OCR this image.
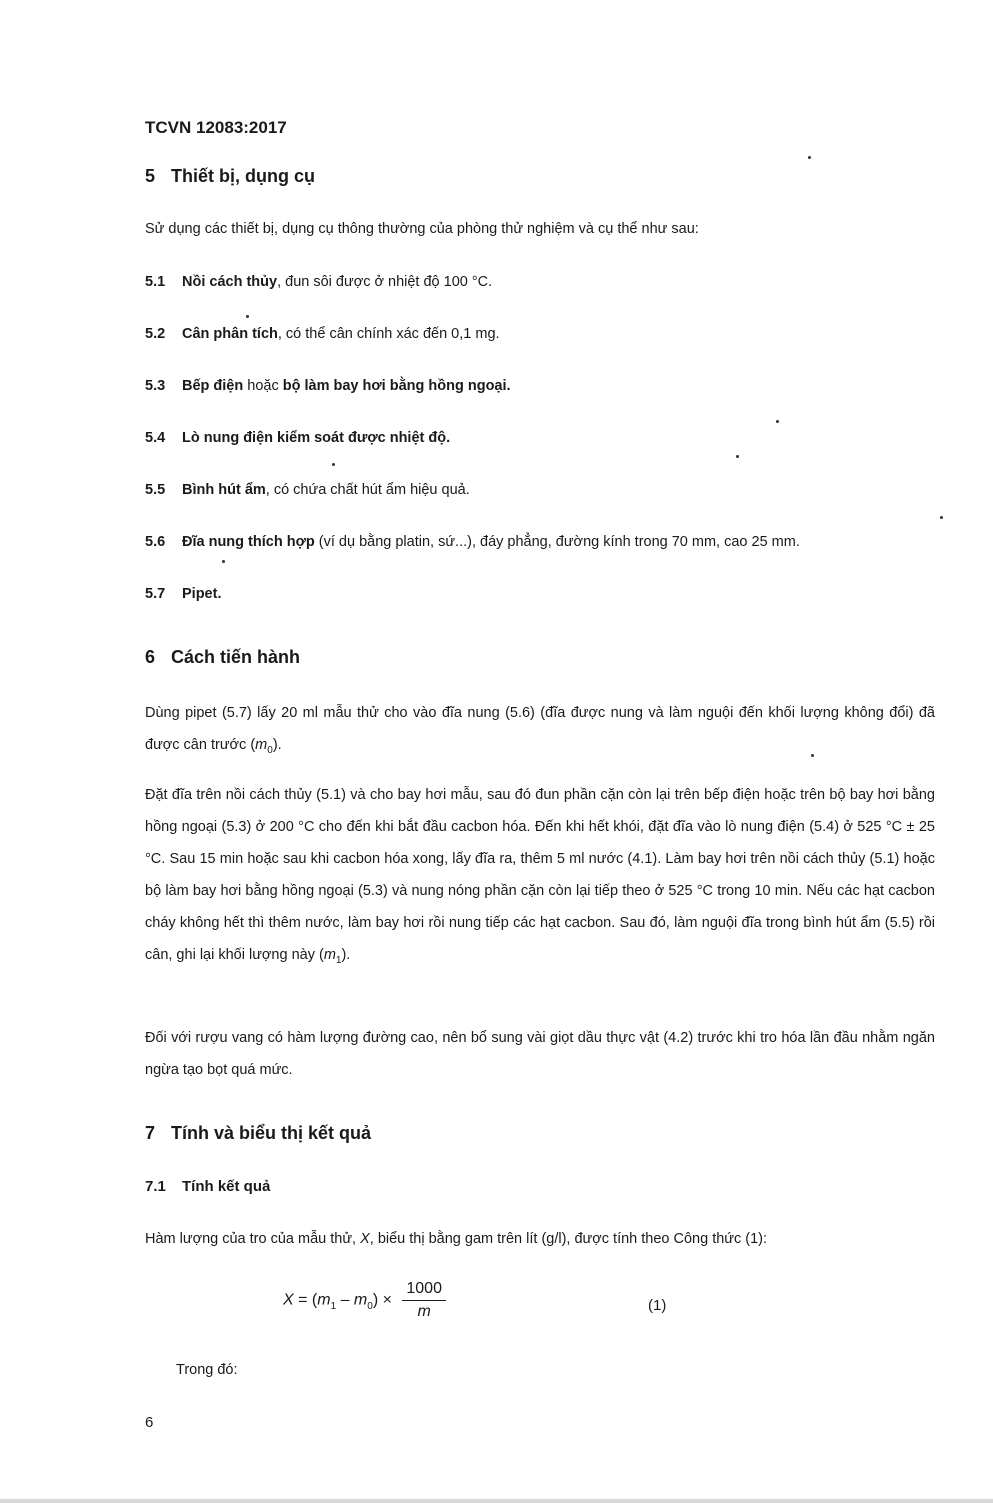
TCVN 12083:2017
5 Thiết bị, dụng cụ
Sử dụng các thiết bị, dụng cụ thông thường của phòng thử nghiệm và cụ thể như sau:
5.1 Nồi cách thủy, đun sôi được ở nhiệt độ 100 °C.
5.2 Cân phân tích, có thể cân chính xác đến 0,1 mg.
5.3 Bếp điện hoặc bộ làm bay hơi bằng hồng ngoại.
5.4 Lò nung điện kiểm soát được nhiệt độ.
5.5 Bình hút ẩm, có chứa chất hút ẩm hiệu quả.
5.6 Đĩa nung thích hợp (ví dụ bằng platin, sứ...), đáy phẳng, đường kính trong 70 mm, cao 25 mm.
5.7 Pipet.
6 Cách tiến hành
Dùng pipet (5.7) lấy 20 ml mẫu thử cho vào đĩa nung (5.6) (đĩa được nung và làm nguội đến khối lượng không đổi) đã được cân trước $(m_0)$.
Đặt đĩa trên nồi cách thủy (5.1) và cho bay hơi mẫu, sau đó đun phần cặn còn lại trên bếp điện hoặc trên bộ bay hơi bằng hồng ngoại (5.3) ở 200 °C cho đến khi bắt đầu cacbon hóa. Đến khi hết khói, đặt đĩa vào lò nung điện (5.4) ở 525 °C ± 25 °C. Sau 15 min hoặc sau khi cacbon hóa xong, lấy đĩa ra, thêm 5 ml nước (4.1). Làm bay hơi trên nồi cách thủy (5.1) hoặc bộ làm bay hơi bằng hồng ngoại (5.3) và nung nóng phần cặn còn lại tiếp theo ở 525 °C trong 10 min. Nếu các hạt cacbon cháy không hết thì thêm nước, làm bay hơi rồi nung tiếp các hạt cacbon. Sau đó, làm nguội đĩa trong bình hút ẩm (5.5) rồi cân, ghi lại khối lượng này $(m_1)$.
Đối với rượu vang có hàm lượng đường cao, nên bổ sung vài giọt dầu thực vật (4.2) trước khi tro hóa lần đầu nhằm ngăn ngừa tạo bọt quá mức.
7 Tính và biểu thị kết quả
7.1 Tính kết quả
Hàm lượng của tro của mẫu thử, X, biểu thị bằng gam trên lít (g/l), được tính theo Công thức (1):
$X = (m_1 - m_0) \times \frac{1000}{m}$	(1)
Trong đó:
6
